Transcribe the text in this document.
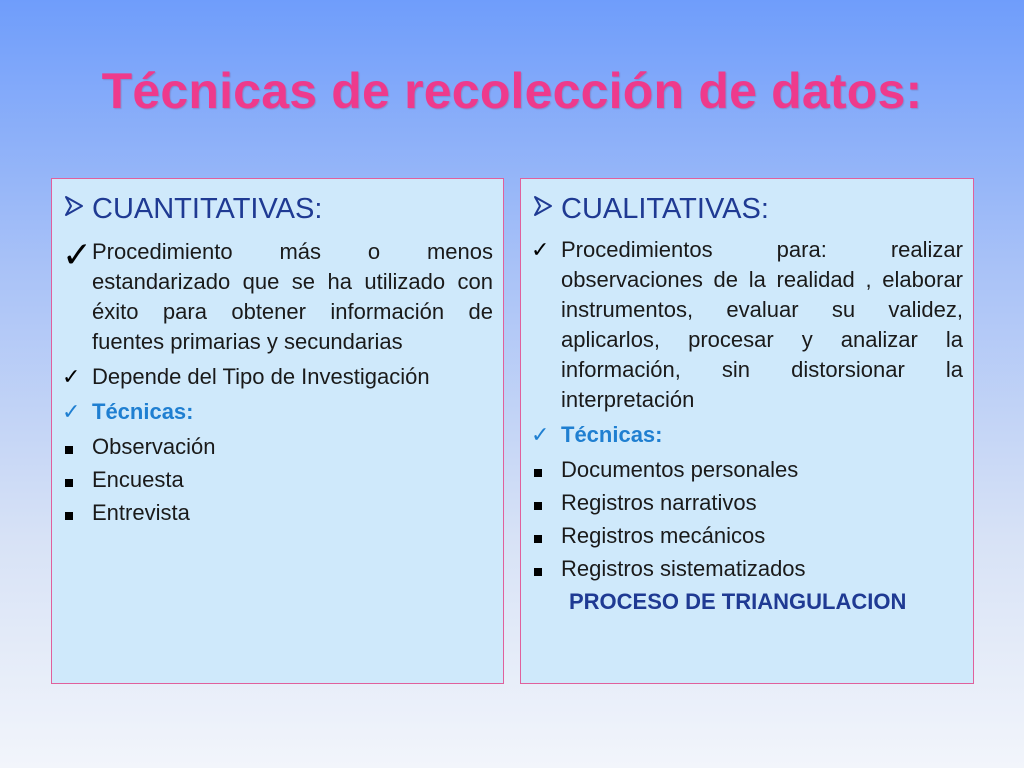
Técnicas de recolección de datos:
CUANTITATIVAS:
✓ Procedimiento más o menos estandarizado que se ha utilizado con éxito para obtener información de fuentes primarias y secundarias
✓ Depende del Tipo de Investigación
✓ Técnicas:
Observación
Encuesta
Entrevista
CUALITATIVAS:
✓ Procedimientos para: realizar observaciones de la realidad , elaborar instrumentos, evaluar su validez, aplicarlos, procesar y analizar la información, sin distorsionar la interpretación
✓ Técnicas:
Documentos personales
Registros narrativos
Registros mecánicos
Registros sistematizados
PROCESO DE TRIANGULACION
